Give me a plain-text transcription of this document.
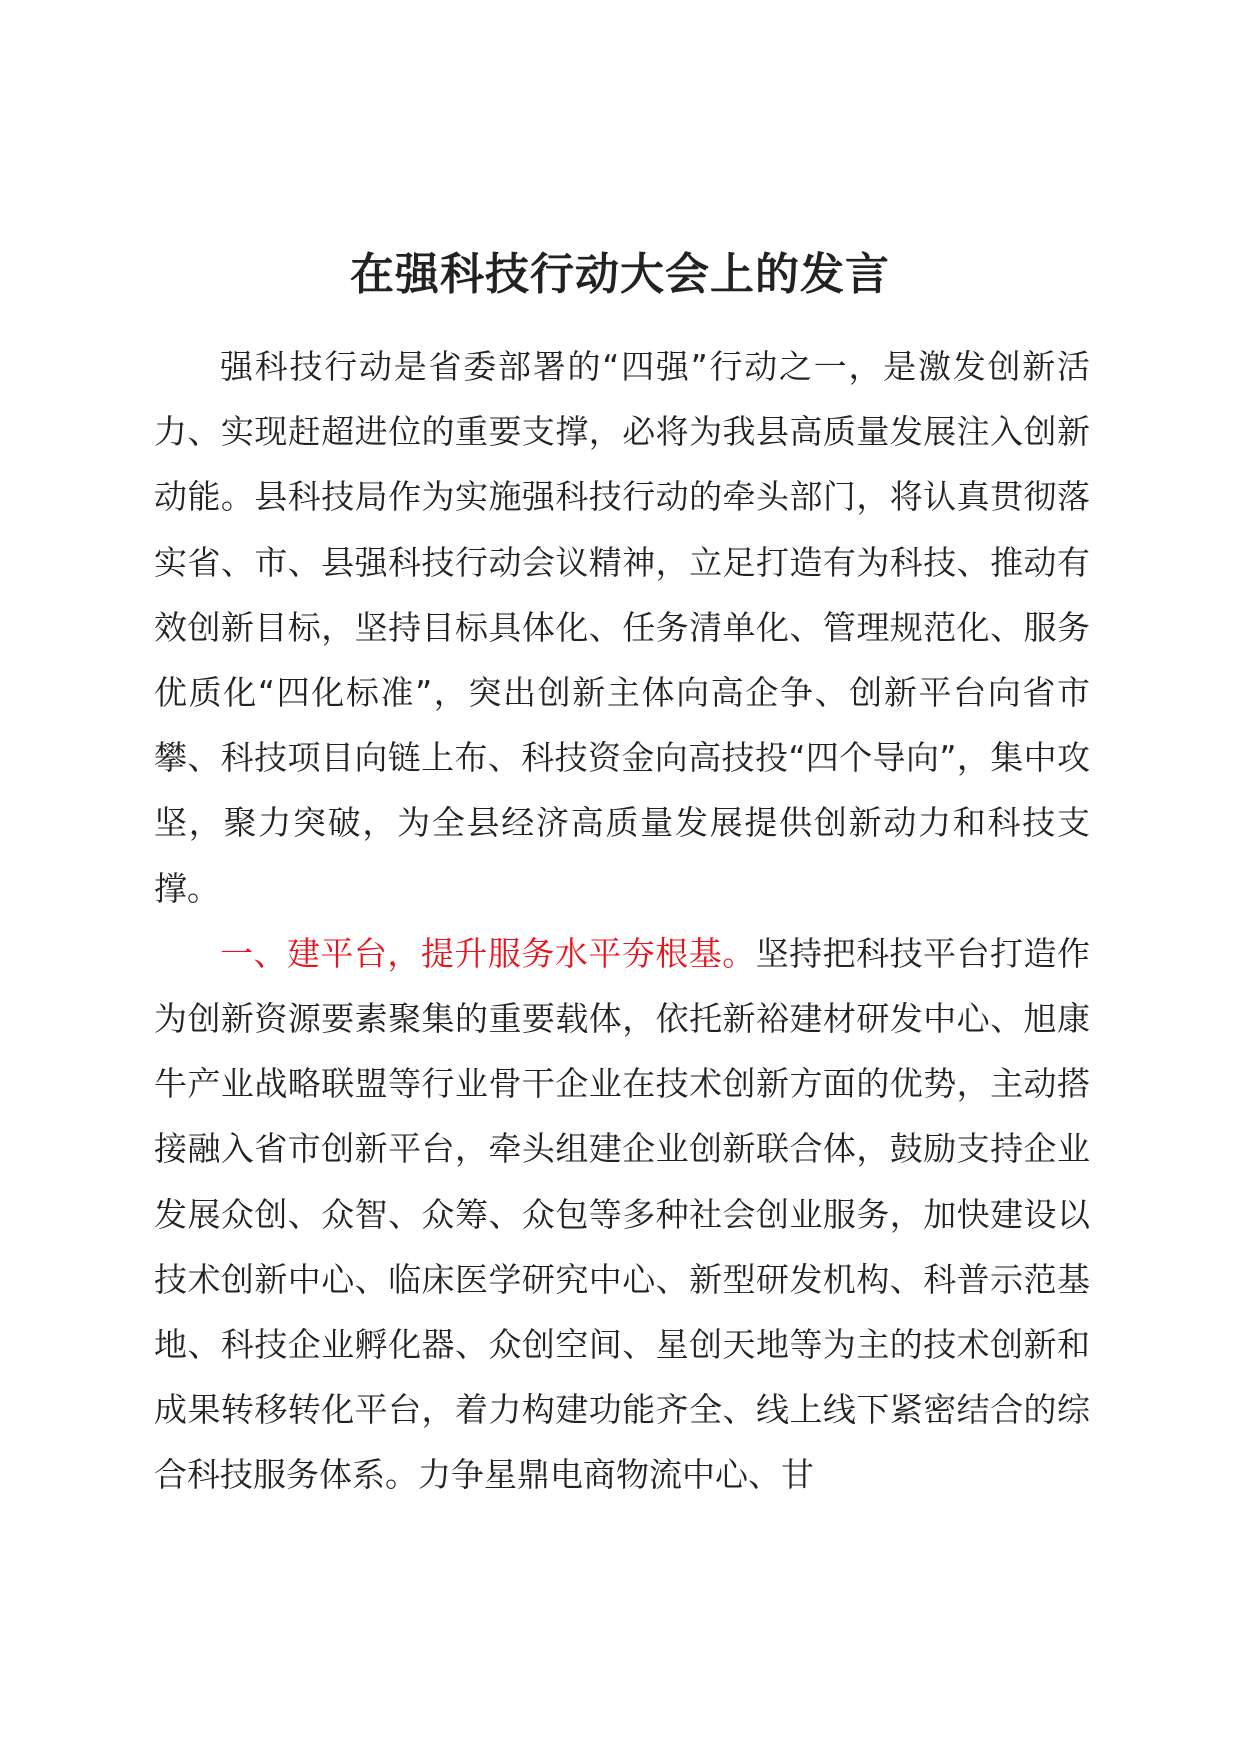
在强科技行动大会上的发言

强科技行动是省委部署的“四强”行动之一，是激发创新活力、实现赶超进位的重要支撑，必将为我县高质量发展注入创新动能。县科技局作为实施强科技行动的牵头部门，将认真贯彻落实省、市、县强科技行动会议精神，立足打造有为科技、推动有效创新目标，坚持目标具体化、任务清单化、管理规范化、服务优质化“四化标准”，突出创新主体向高企争、创新平台向省市攀、科技项目向链上布、科技资金向高技投“四个导向”，集中攻坚，聚力突破，为全县经济高质量发展提供创新动力和科技支撑。

一、建平台，提升服务水平夯根基。坚持把科技平台打造作为创新资源要素聚集的重要载体，依托新裕建材研发中心、旭康牛产业战略联盟等行业骨干企业在技术创新方面的优势，主动搭接融入省市创新平台，牵头组建企业创新联合体，鼓励支持企业发展众创、众智、众筹、众包等多种社会创业服务，加快建设以技术创新中心、临床医学研究中心、新型研发机构、科普示范基地、科技企业孵化器、众创空间、星创天地等为主的技术创新和成果转移转化平台，着力构建功能齐全、线上线下紧密结合的综合科技服务体系。力争星鼎电商物流中心、甘
